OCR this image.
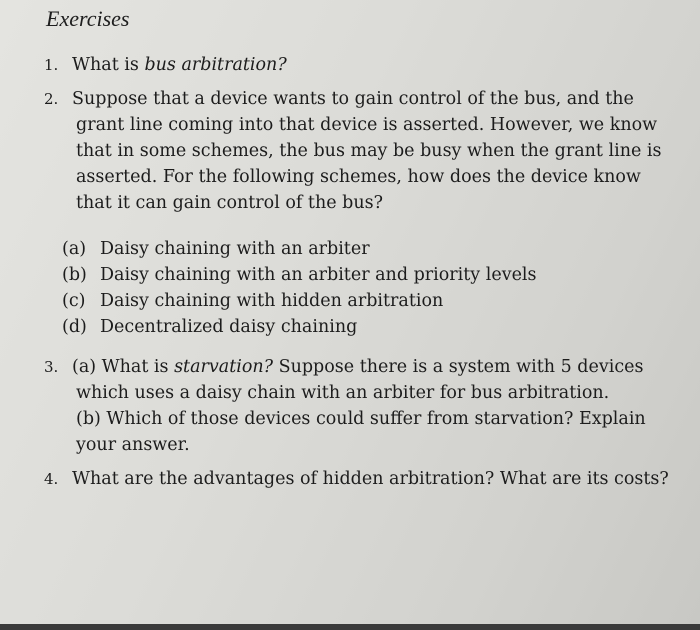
Exercises
1. What is bus arbitration?
2. Suppose that a device wants to gain control of the bus, and the
grant line coming into that device is asserted. However, we know
that in some schemes, the bus may be busy when the grant line is
asserted. For the following schemes, how does the device know
that it can gain control of the bus?
(a) Daisy chaining with an arbiter
(b) Daisy chaining with an arbiter and priority levels
(c) Daisy chaining with hidden arbitration
(d) Decentralized daisy chaining
3. (a) What is starvation? Suppose there is a system with 5 devices
which uses a daisy chain with an arbiter for bus arbitration.
(b) Which of those devices could suffer from starvation? Explain
your answer.
4. What are the advantages of hidden arbitration? What are its costs?
